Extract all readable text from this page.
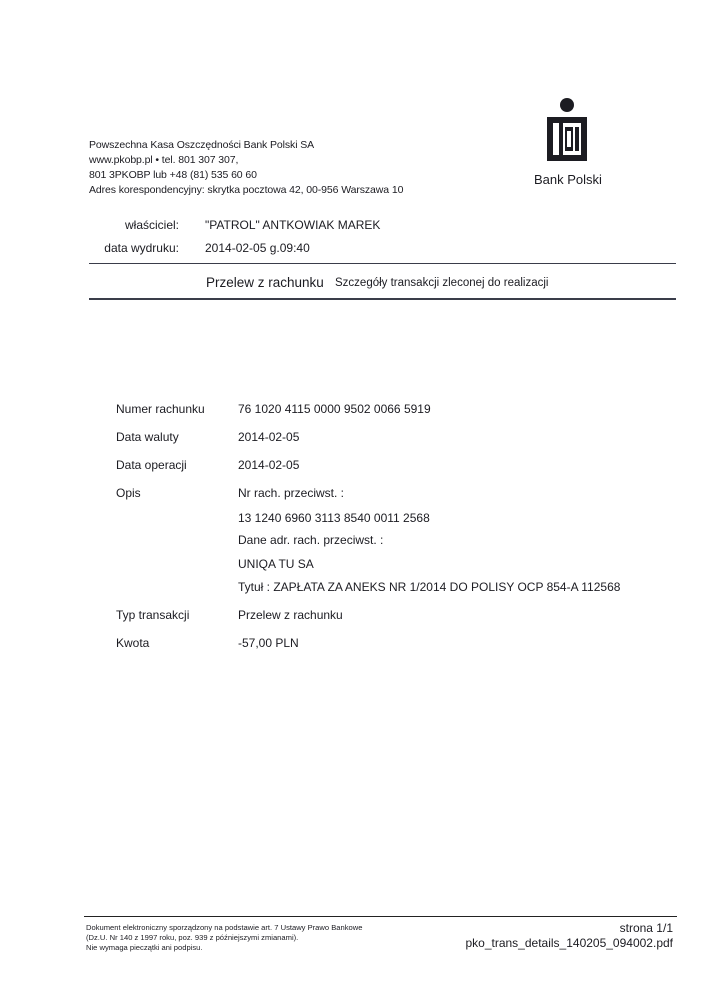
Powszechna Kasa Oszczędności Bank Polski SA
www.pkobp.pl • tel. 801 307 307,
801 3PKOBP lub +48 (81) 535 60 60
Adres korespondencyjny: skrytka pocztowa 42, 00-956 Warszawa 10
Bank Polski
właściciel: "PATROL" ANTKOWIAK MAREK
data wydruku: 2014-02-05 g.09:40
Przelew z rachunku Szczegóły transakcji zleconej do realizacji
Numer rachunku	76 1020 4115 0000 9502 0066 5919
Data waluty	2014-02-05
Data operacji	2014-02-05
Opis	Nr rach. przeciwst. :
13 1240 6960 3113 8540 0011 2568
Dane adr. rach. przeciwst. :
UNIQA TU SA
Tytuł : ZAPŁATA ZA ANEKS NR 1/2014 DO POLISY OCP 854-A 112568
Typ transakcji	Przelew z rachunku
Kwota	-57,00 PLN
Dokument elektroniczny sporządzony na podstawie art. 7 Ustawy Prawo Bankowe
(Dz.U. Nr 140 z 1997 roku, poz. 939 z późniejszymi zmianami).
Nie wymaga pieczątki ani podpisu.
strona 1/1
pko_trans_details_140205_094002.pdf
